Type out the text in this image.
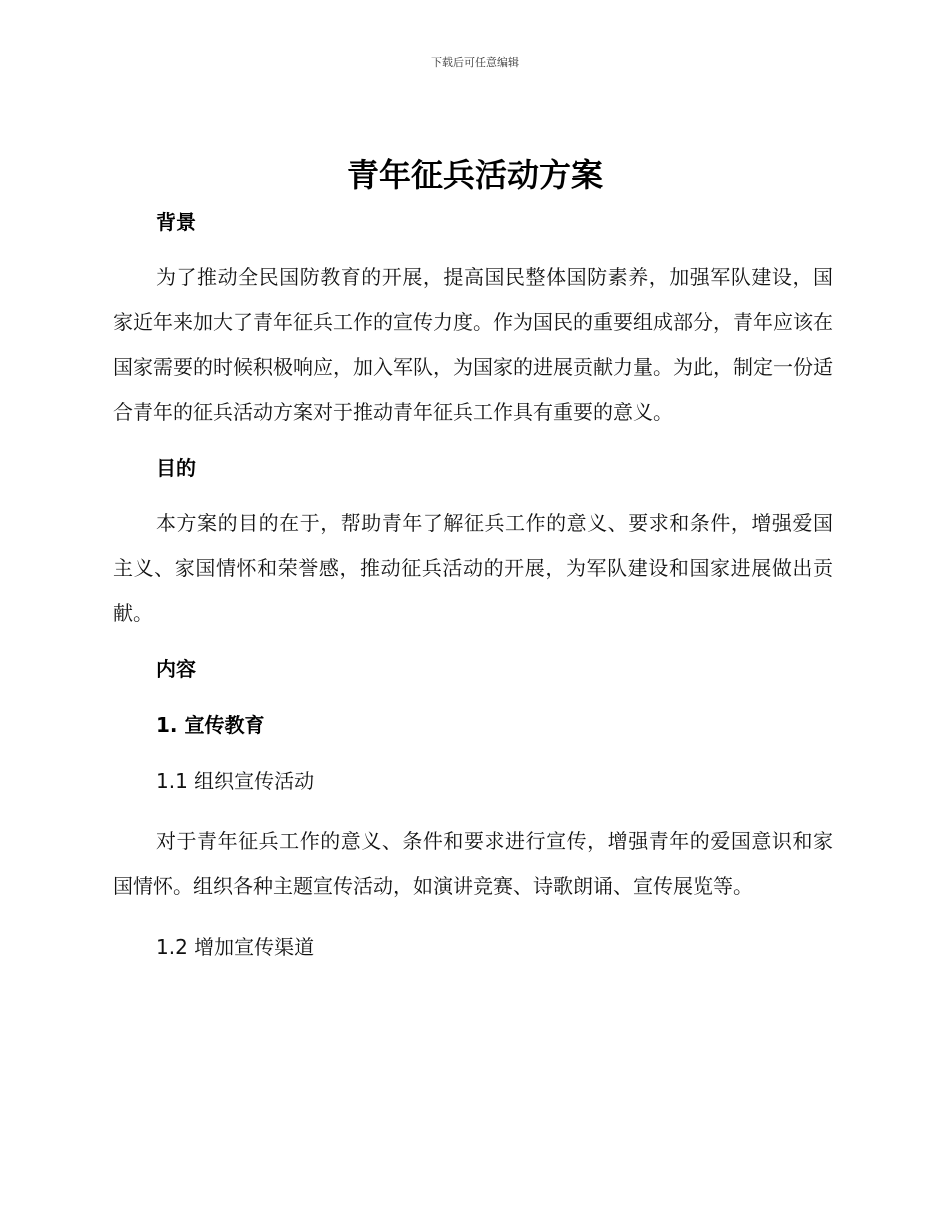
下载后可任意编辑
青年征兵活动方案

背景

为了推动全民国防教育的开展，提高国民整体国防素养，加强军队建设，国家近年来加大了青年征兵工作的宣传力度。作为国民的重要组成部分，青年应该在国家需要的时候积极响应，加入军队，为国家的进展贡献力量。为此，制定一份适合青年的征兵活动方案对于推动青年征兵工作具有重要的意义。

目的

本方案的目的在于，帮助青年了解征兵工作的意义、要求和条件，增强爱国主义、家国情怀和荣誉感，推动征兵活动的开展，为军队建设和国家进展做出贡献。

内容

1. 宣传教育

1.1 组织宣传活动

对于青年征兵工作的意义、条件和要求进行宣传，增强青年的爱国意识和家国情怀。组织各种主题宣传活动，如演讲竞赛、诗歌朗诵、宣传展览等。

1.2 增加宣传渠道
